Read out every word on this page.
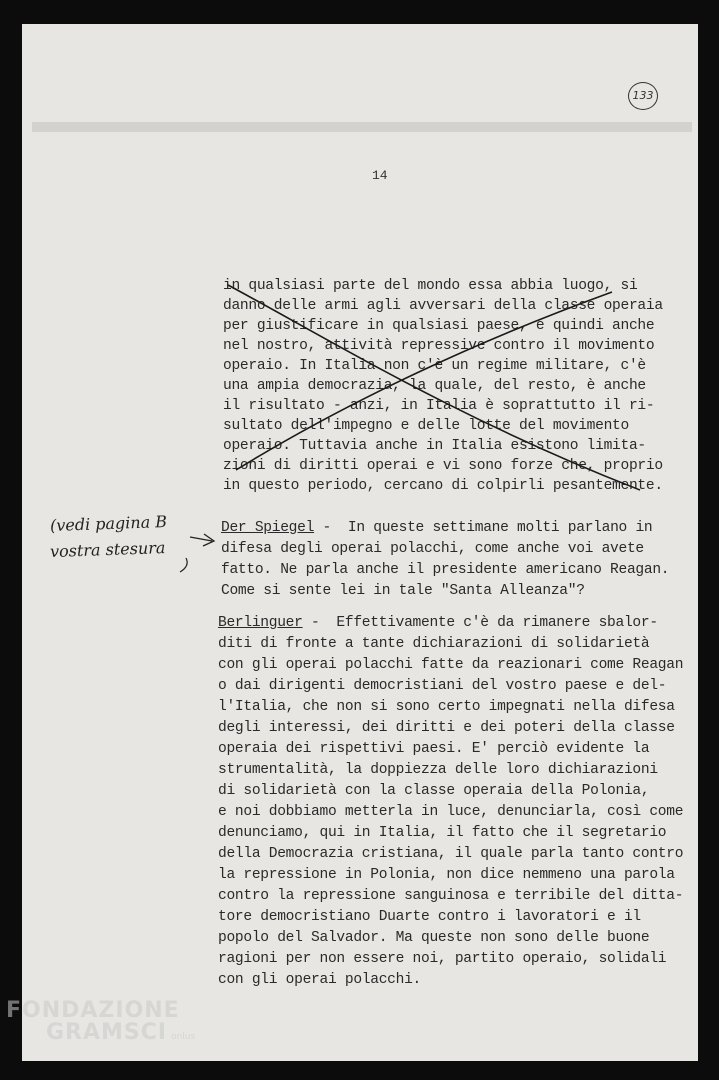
133
14
in qualsiasi parte del mondo essa abbia luogo, si
danno delle armi agli avversari della classe operaia
per giustificare in qualsiasi paese, e quindi anche
nel nostro, attività repressive contro il movimento
operaio. In Italia non c'è un regime militare, c'è
una ampia democrazia, la quale, del resto, è anche
il risultato - anzi, in Italia è soprattutto il ri-
sultato dell'impegno e delle lotte del movimento
operaio. Tuttavia anche in Italia esistono limita-
zioni di diritti operai e vi sono forze che, proprio
in questo periodo, cercano di colpirli pesantemente.
Der Spiegel -  In queste settimane molti parlano in
difesa degli operai polacchi, come anche voi avete
fatto. Ne parla anche il presidente americano Reagan.
Come si sente lei in tale "Santa Alleanza"?
(vedi pagina B
vostra stesura
Berlinguer -  Effettivamente c'è da rimanere sbalor-
diti di fronte a tante dichiarazioni di solidarietà
con gli operai polacchi fatte da reazionari come Reagan
o dai dirigenti democristiani del vostro paese e del-
l'Italia, che non si sono certo impegnati nella difesa
degli interessi, dei diritti e dei poteri della classe
operaia dei rispettivi paesi. E' perciò evidente la
strumentalità, la doppiezza delle loro dichiarazioni
di solidarietà con la classe operaia della Polonia,
e noi dobbiamo metterla in luce, denunciarla, così come
denunciamo, qui in Italia, il fatto che il segretario
della Democrazia cristiana, il quale parla tanto contro
la repressione in Polonia, non dice nemmeno una parola
contro la repressione sanguinosa e terribile del ditta-
tore democristiano Duarte contro i lavoratori e il
popolo del Salvador. Ma queste non sono delle buone
ragioni per non essere noi, partito operaio, solidali
con gli operai polacchi.
FONDAZIONE
GRAMSCI onlus
